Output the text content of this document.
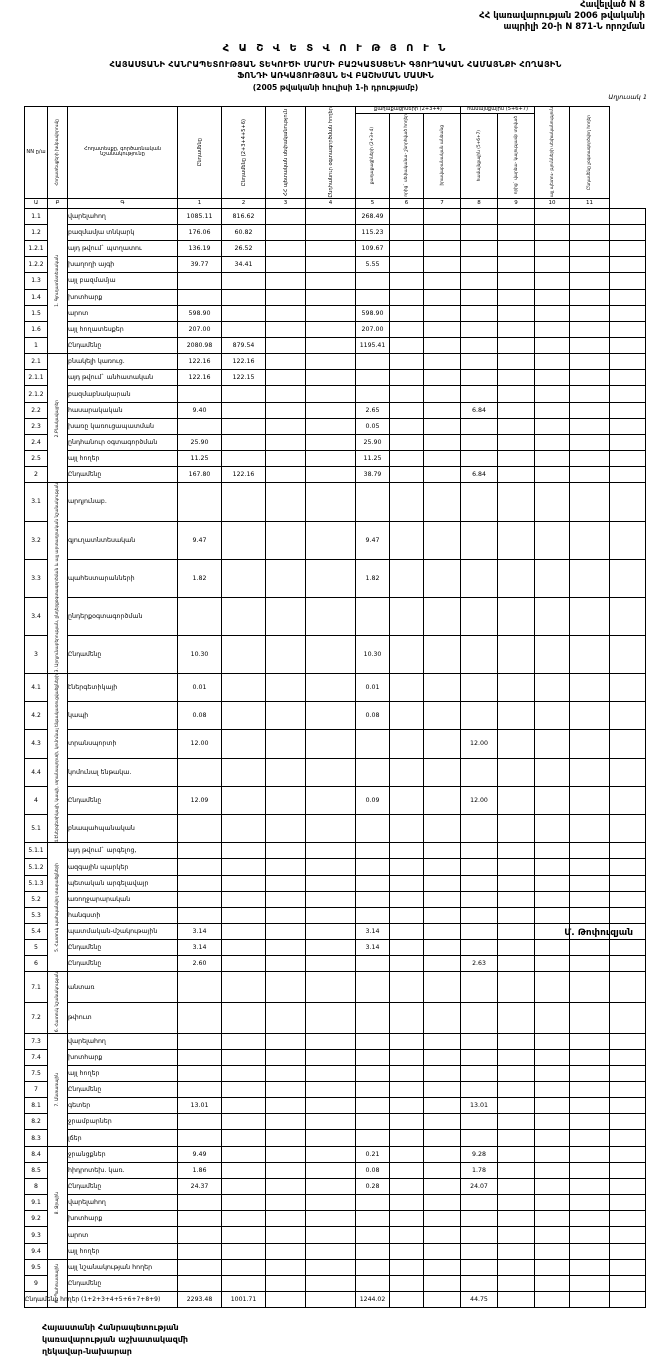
Հավելված N 8
ՀՀ կառավարության 2006 թվականի
ապրիլի 20-ի N 871-Ն որոշման
Հ Ա Շ Վ Ե Տ Վ Ո Ւ Թ Յ Ո Ւ Ն
ՀԱՅԱՍՏԱՆԻ ՀԱՆՐԱՊԵՏՈՒԹՅԱՆ ՏԵԿՈՒԾԻ ՄԱՐՄԻ ԲԱԶԿԱՏՍՑԵՆԻ ԳՅՈՒՂԱԿԱՆ ՀԱՄԱՅՆՔԻ ՀՈՂԱՅԻՆ
ՖՈՆԴԻ ԱՌԿԱՅՈՒԹՅԱՆ ԵՎ ԲԱՇԽՄԱՆ ՄԱՍԻՆ
(2005 թվականի հուլիսի 1-ի դրությամբ)
Աղյուսակ 1
NN ը/ա	Հողատեսքերի խմբավորումը	Հողատեսքը, գործառնական նշանակությունը	Ընդամենը	Ընդամենը (2+3+4+5+6)	ՀՀ պետական սեփականություն	Ընդհանուր օգտագործման հողեր	քաղաքացիների (2+3+4)			համայնքային (5+6+7)		այլ պետու- թյունների սեփականություն	Ընդամենը չօգտագործվող հողեր	

							քաղաքացիների (2+3+4)	որից` սեփականա- շնորհված հողեր	իրավաբանական անձանց	համայնքային (5+6+7)	որից` վարձա- կալությամբ տրված			

Ա	Բ	Գ	1	2	3	4	5	6	7	8	9	10	11	
1.1	1. Գյուղատնտեսական	վարելահող	1085.11	816.62			268.49							
1.2		բազմամյա տնկարկ	176.06	60.82			115.23							
1.2.1		այդ թվում` պտղատու	136.19	26.52			109.67							
1.2.2		խաղողի այգի	39.77	34.41			5.55							
1.3		այլ բազմամյա												
1.4		խոտհարք												
1.5		արոտ	598.90				598.90							
1.6		այլ հողատեսքեր	207.00				207.00							
1		Ընդամենը	2080.98	879.54			1195.41							
2.1	2.Բնակավայրեր	բնակելի կառուց.	122.16	122.16										
2.1.1		այդ թվում` անհատական	122.16	122.15										
2.1.2		բազմաբնակարան												
2.2		հասարակական	9.40				2.65			6.84				
2.3		խառը կառուցապատման					0.05							
2.4		ընդհանուր օգտագործման	25.90				25.90							
2.5		այլ հողեր	11.25				11.25							
2		Ընդամենը	167.80	122.16			38.79			6.84				
3.1	3. Արդյունաբերության, ընդերքօգտագործման և այլ արտադրական նշանակության	արդյունաբ.												
3.2		գյուղատնտեսական	9.47				9.47							
3.3		պահեստարանների	1.82				1.82							
3.4		ընդերքօգտագործման												
3		Ընդամենը	10.30				10.30							
4.1	4.Էներգետիկայի, կապի, տրանսպորտի, կոմունալ ենթակառուցվածքների	էներգետիկայի	0.01				0.01							
4.2		կապի	0.08				0.08							
4.3		տրանսպորտի	12.00							12.00				
4.4		կոմունալ ենթակա.												
4		Ընդամենը	12.09				0.09			12.00				
5.1		բնապահպանական												
5.1.1	5. Հատուկ պահպանվող տարածքների	այդ թվում` արգելոց,												
5.1.2		ազգային պարկեր												
5.1.3		պետական արգելավայր												
5.2		առողջարարական												
5.3		հանգստի												
5.4		պատմական-մշակութային	3.14				3.14							
5		Ընդամենը	3.14				3.14							
6		Ընդամենը	2.60							2.63				
7.1	6. Հատուկ նշանակության	անտառ												
7.2		թփուտ												
7.3	7. Անտառային	վարելահող												
7.4		խոտհարք												
7.5		այլ հողեր												
7		Ընդամենը												
8.1		գետեր	13.01							13.01				
8.2		ջրամբարներ												
8.3		լճեր												
8.4	8. Ջրային	ջրանցքներ	9.49				0.21			9.28				
8.5		հիդրոտեխ. կառ.	1.86				0.08			1.78				
8		Ընդամենը	24.37				0.28			24.07				
9.1		վարելահող												
9.2		խոտհարք												
9.3		արոտ												
9.4		այլ հողեր												
9.5	9. Պահուստային	այլ նշանակության հողեր												
9		Ընդամենը												
Ընդամենը հողեր (1+2+3+4+5+6+7+8+9)			2293.48	1001.71			1244.02			44.75				
Հայաստանի Հանրապետության
կառավարության աշխատակազմի
ղեկավար-նախարար
Մ. Թոփուզյան
